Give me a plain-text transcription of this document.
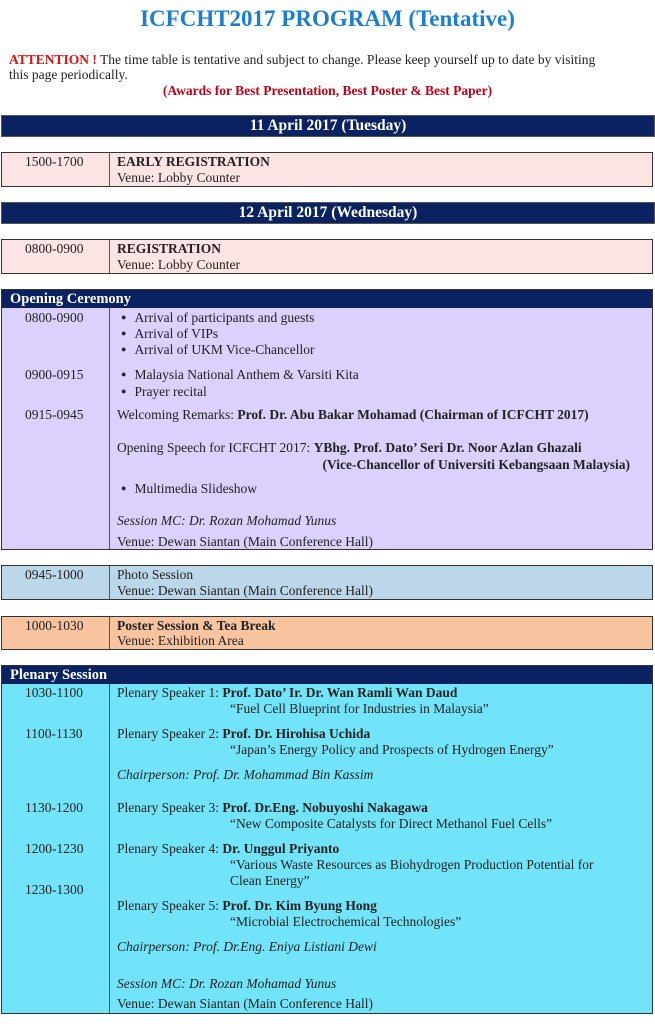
ICFCHT2017 PROGRAM (Tentative)
ATTENTION ! The time table is tentative and subject to change. Please keep yourself up to date by visiting
this page periodically.
(Awards for Best Presentation, Best Poster & Best Paper)
11 April 2017 (Tuesday)
1500-1700 EARLY REGISTRATION
Venue: Lobby Counter
12 April 2017 (Wednesday)
0800-0900 REGISTRATION
Venue: Lobby Counter
Opening Ceremony
0800-0900
0900-0915
0915-0945
● Arrival of participants and guests
● Arrival of VIPs
● Arrival of UKM Vice-Chancellor
● Malaysia National Anthem & Varsiti Kita
● Prayer recital
Welcoming Remarks: Prof. Dr. Abu Bakar Mohamad (Chairman of ICFCHT 2017)
Opening Speech for ICFCHT 2017: YBhg. Prof. Dato’ Seri Dr. Noor Azlan Ghazali
(Vice-Chancellor of Universiti Kebangsaan Malaysia)
● Multimedia Slideshow
Session MC: Dr. Rozan Mohamad Yunus
Venue: Dewan Siantan (Main Conference Hall)
0945-1000 Photo Session
Venue: Dewan Siantan (Main Conference Hall)
1000-1030 Poster Session & Tea Break
Venue: Exhibition Area
Plenary Session
1030-1100
1100-1130
1130-1200
1200-1230
1230-1300
Plenary Speaker 1: Prof. Dato’ Ir. Dr. Wan Ramli Wan Daud
“Fuel Cell Blueprint for Industries in Malaysia”
Plenary Speaker 2: Prof. Dr. Hirohisa Uchida
“Japan’s Energy Policy and Prospects of Hydrogen Energy”
Chairperson: Prof. Dr. Mohammad Bin Kassim
Plenary Speaker 3: Prof. Dr.Eng. Nobuyoshi Nakagawa
“New Composite Catalysts for Direct Methanol Fuel Cells”
Plenary Speaker 4: Dr. Unggul Priyanto
“Various Waste Resources as Biohydrogen Production Potential for
Clean Energy”
Plenary Speaker 5: Prof. Dr. Kim Byung Hong
“Microbial Electrochemical Technologies”
Chairperson: Prof. Dr.Eng. Eniya Listiani Dewi
Session MC: Dr. Rozan Mohamad Yunus
Venue: Dewan Siantan (Main Conference Hall)
